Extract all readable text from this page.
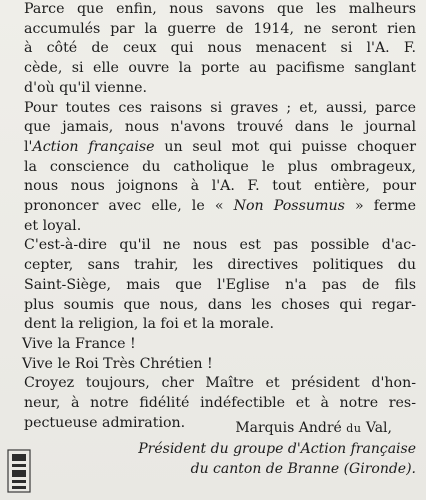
Parce que enfin, nous savons que les malheurs
accumulés par la guerre de 1914, ne seront rien
à côté de ceux qui nous menacent si l'A. F.
cède, si elle ouvre la porte au pacifisme sanglant
d'où qu'il vienne.

Pour toutes ces raisons si graves ; et, aussi, parce
que jamais, nous n'avons trouvé dans le journal
l'Action française un seul mot qui puisse choquer
la conscience du catholique le plus ombrageux,
nous nous joignons à l'A. F. tout entière, pour
prononcer avec elle, le « Non Possumus » ferme
et loyal.

C'est-à-dire qu'il ne nous est pas possible d'ac-
cepter, sans trahir, les directives politiques du
Saint-Siège, mais que l'Eglise n'a pas de fils
plus soumis que nous, dans les choses qui regar-
dent la religion, la foi et la morale.

Vive la France !

Vive le Roi Très Chrétien !

Croyez toujours, cher Maître et président d'hon-
neur, à notre fidélité indéfectible et à notre res-
pectueuse admiration.	Marquis André du Val,
Président du groupe d'Action française
du canton de Branne (Gironde).
